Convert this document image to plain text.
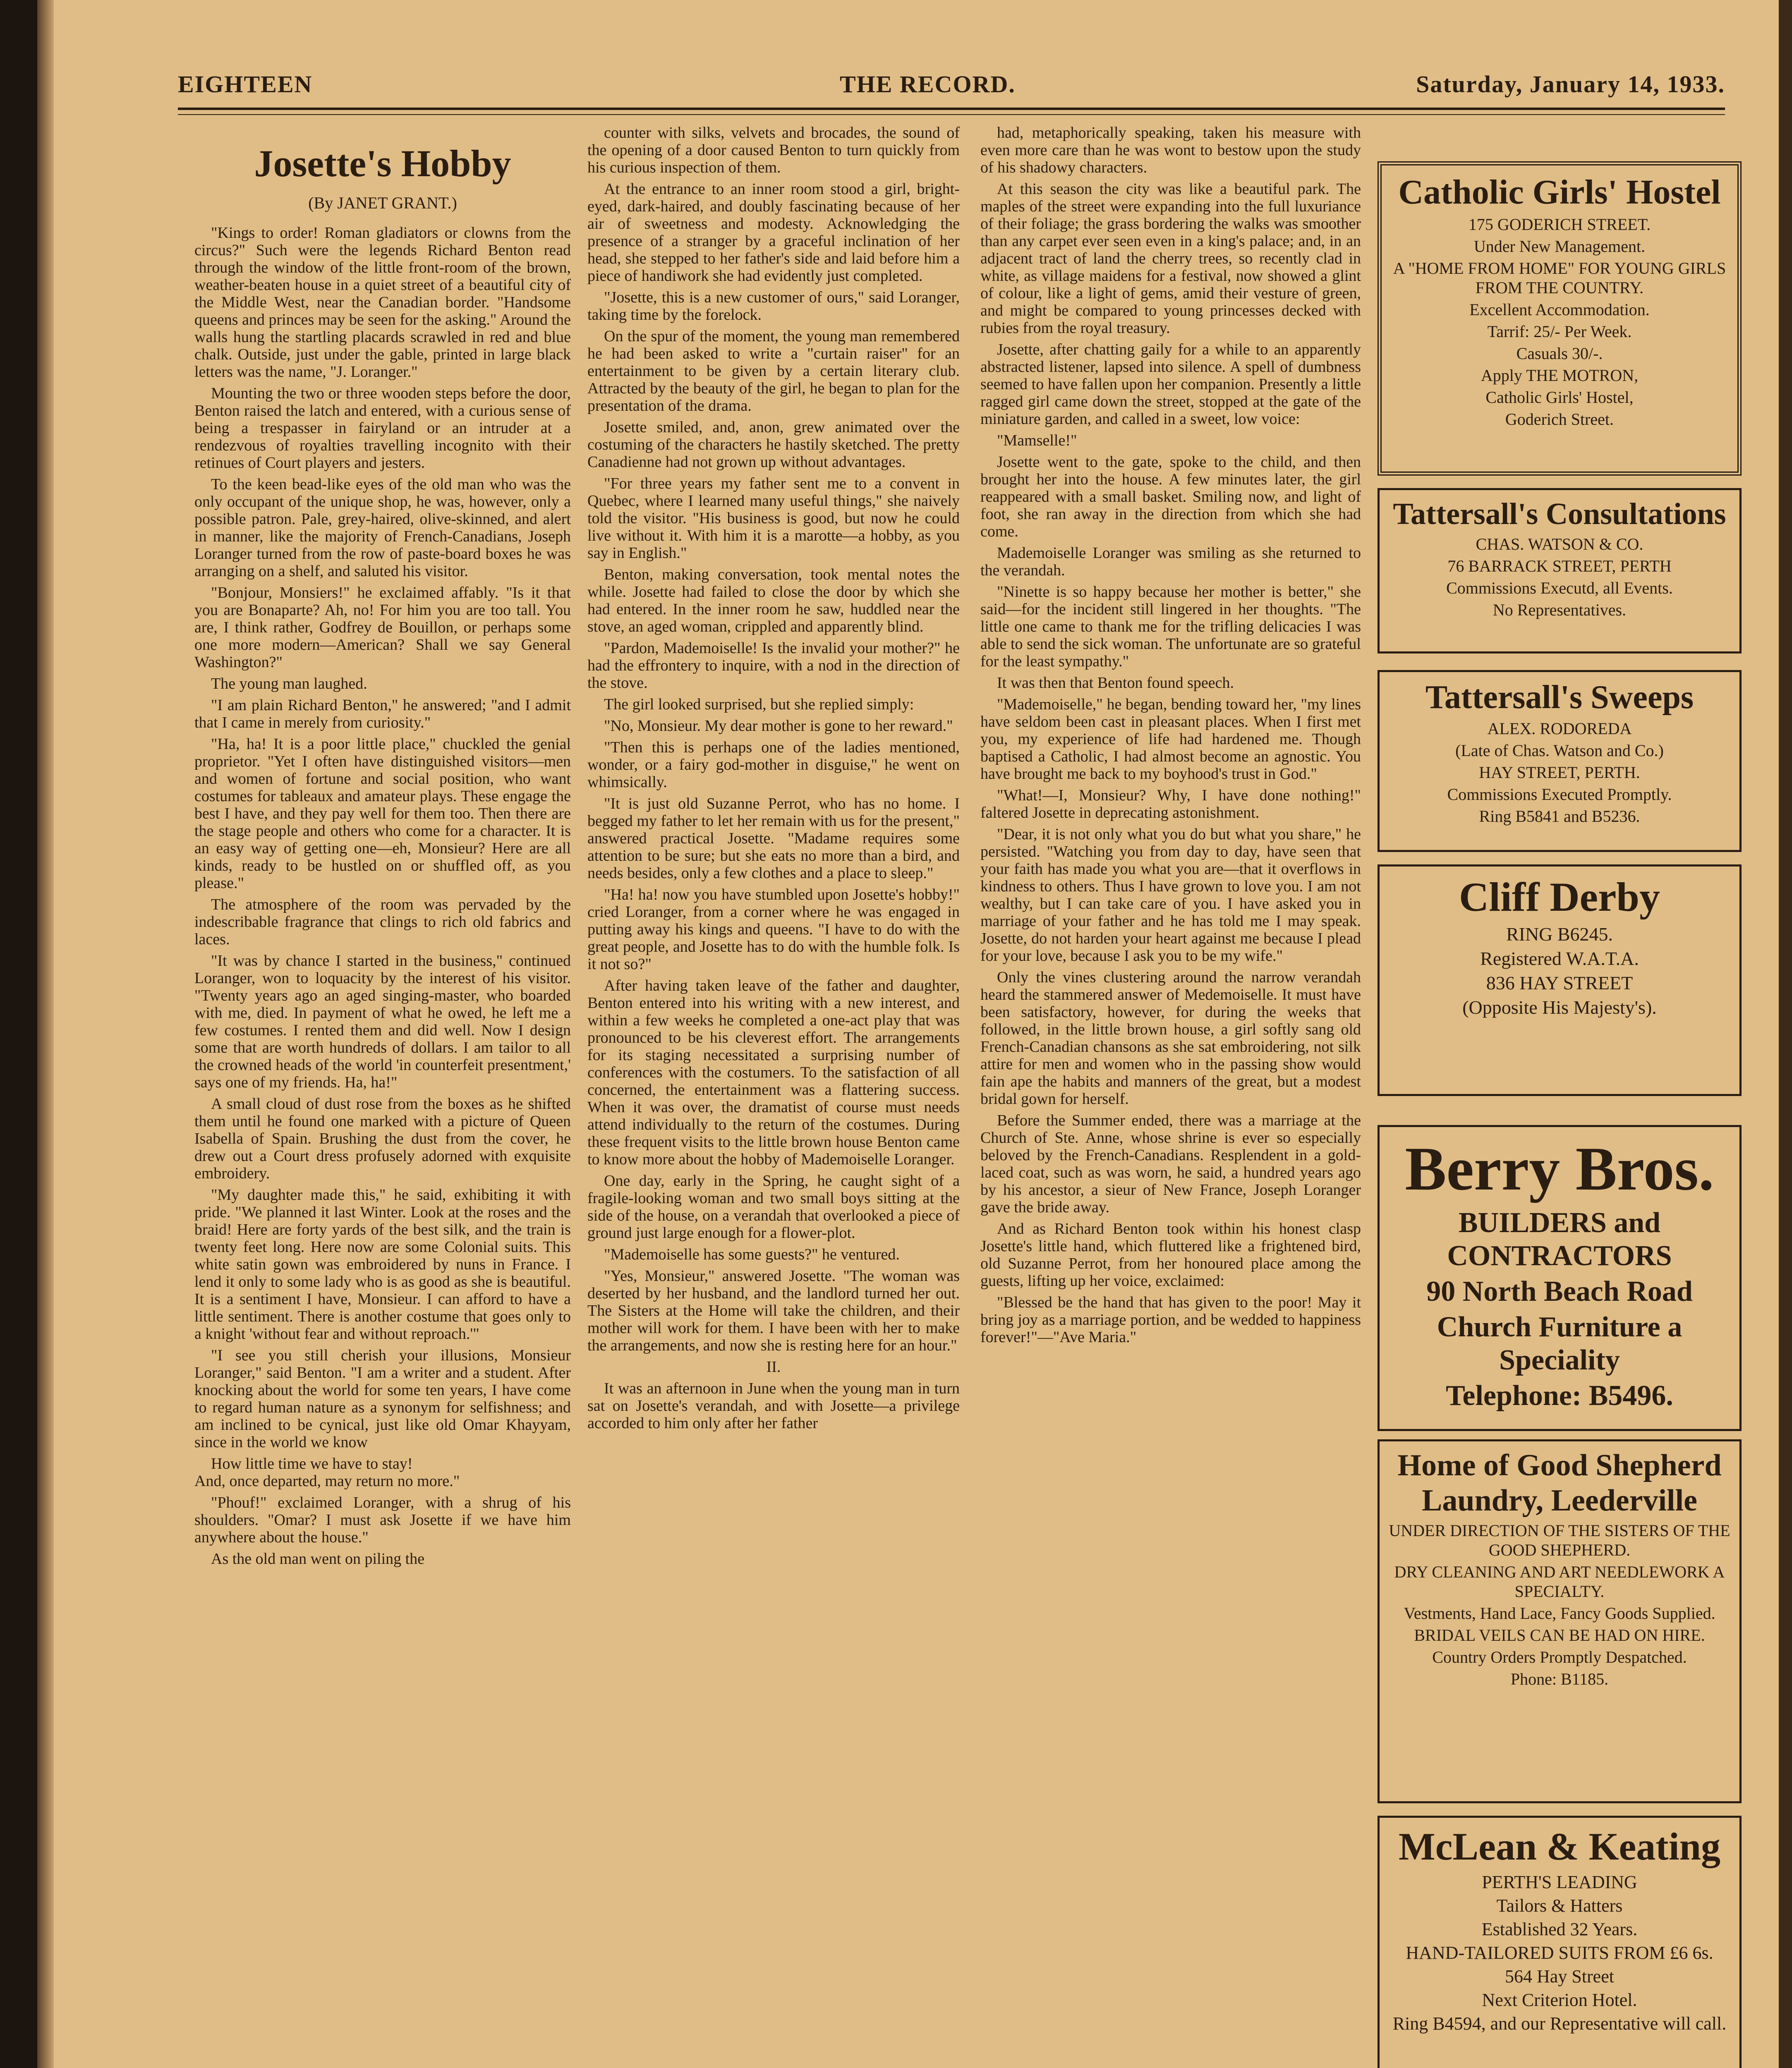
EIGHTEEN	THE RECORD.	Saturday, January 14, 1933.
Josette's Hobby
(By JANET GRANT.)

"Kings to order! Roman gladiators or clowns from the circus?" Such were the legends Richard Benton read through the window of the little front-room of the brown, weather-beaten house in a quiet street of a beautiful city of the Middle West, near the Canadian border. "Handsome queens and princes may be seen for the asking." Around the walls hung the startling placards scrawled in red and blue chalk. Outside, just under the gable, printed in large black letters was the name, "J. Loranger."

Mounting the two or three wooden steps before the door, Benton raised the latch and entered, with a curious sense of being a trespasser in fairyland or an intruder at a rendezvous of royalties travelling incognito with their retinues of Court players and jesters.

To the keen bead-like eyes of the old man who was the only occupant of the unique shop, he was, however, only a possible patron. Pale, grey-haired, olive-skinned, and alert in manner, like the majority of French-Canadians, Joseph Loranger turned from the row of paste-board boxes he was arranging on a shelf, and saluted his visitor.

"Bonjour, Monsiers!" he exclaimed affably. "Is it that you are Bonaparte? Ah, no! For him you are too tall. You are, I think rather, Godfrey de Bouillon, or perhaps some one more modern—American? Shall we say General Washington?"

The young man laughed.

"I am plain Richard Benton," he answered; "and I admit that I came in merely from curiosity."

"Ha, ha! It is a poor little place," chuckled the genial proprietor. "Yet I often have distinguished visitors—men and women of fortune and social position, who want costumes for tableaux and amateur plays. These engage the best I have, and they pay well for them too. Then there are the stage people and others who come for a character. It is an easy way of getting one—eh, Monsieur? Here are all kinds, ready to be hustled on or shuffled off, as you please."

The atmosphere of the room was pervaded by the indescribable fragrance that clings to rich old fabrics and laces.

"It was by chance I started in the business," continued Loranger, won to loquacity by the interest of his visitor. "Twenty years ago an aged singing-master, who boarded with me, died. In payment of what he owed, he left me a few costumes. I rented them and did well. Now I design some that are worth hundreds of dollars. I am tailor to all the crowned heads of the world 'in counterfeit presentment,' says one of my friends. Ha, ha!"

A small cloud of dust rose from the boxes as he shifted them until he found one marked with a picture of Queen Isabella of Spain. Brushing the dust from the cover, he drew out a Court dress profusely adorned with exquisite embroidery.

"My daughter made this," he said, exhibiting it with pride. "We planned it last Winter. Look at the roses and the braid! Here are forty yards of the best silk, and the train is twenty feet long. Here now are some Colonial suits. This white satin gown was embroidered by nuns in France. I lend it only to some lady who is as good as she is beautiful. It is a sentiment I have, Monsieur. I can afford to have a little sentiment. There is another costume that goes only to a knight 'without fear and without reproach.'"

"I see you still cherish your illusions, Monsieur Loranger," said Benton. "I am a writer and a student. After knocking about the world for some ten years, I have come to regard human nature as a synonym for selfishness; and am inclined to be cynical, just like old Omar Khayyam, since in the world we know

How little time we have to stay!
And, once departed, may return no more."

"Phouf!" exclaimed Loranger, with a shrug of his shoulders. "Omar? I must ask Josette if we have him anywhere about the house."

As the old man went on piling the

counter with silks, velvets and brocades, the sound of the opening of a door caused Benton to turn quickly from his curious inspection of them.

At the entrance to an inner room stood a girl, bright-eyed, dark-haired, and doubly fascinating because of her air of sweetness and modesty. Acknowledging the presence of a stranger by a graceful inclination of her head, she stepped to her father's side and laid before him a piece of handiwork she had evidently just completed.

"Josette, this is a new customer of ours," said Loranger, taking time by the forelock.

On the spur of the moment, the young man remembered he had been asked to write a "curtain raiser" for an entertainment to be given by a certain literary club. Attracted by the beauty of the girl, he began to plan for the presentation of the drama.

Josette smiled, and, anon, grew animated over the costuming of the characters he hastily sketched. The pretty Canadienne had not grown up without advantages.

"For three years my father sent me to a convent in Quebec, where I learned many useful things," she naively told the visitor. "His business is good, but now he could live without it. With him it is a marotte—a hobby, as you say in English."

Benton, making conversation, took mental notes the while. Josette had failed to close the door by which she had entered. In the inner room he saw, huddled near the stove, an aged woman, crippled and apparently blind.

"Pardon, Mademoiselle! Is the invalid your mother?" he had the effrontery to inquire, with a nod in the direction of the stove.

The girl looked surprised, but she replied simply:

"No, Monsieur. My dear mother is gone to her reward."

"Then this is perhaps one of the ladies mentioned, wonder, or a fairy god-mother in disguise," he went on whimsically.

"It is just old Suzanne Perrot, who has no home. I begged my father to let her remain with us for the present," answered practical Josette. "Madame requires some attention to be sure; but she eats no more than a bird, and needs besides, only a few clothes and a place to sleep."

"Ha! ha! now you have stumbled upon Josette's hobby!" cried Loranger, from a corner where he was engaged in putting away his kings and queens. "I have to do with the great people, and Josette has to do with the humble folk. Is it not so?"

After having taken leave of the father and daughter, Benton entered into his writing with a new interest, and within a few weeks he completed a one-act play that was pronounced to be his cleverest effort. The arrangements for its staging necessitated a surprising number of conferences with the costumers. To the satisfaction of all concerned, the entertainment was a flattering success. When it was over, the dramatist of course must needs attend individually to the return of the costumes. During these frequent visits to the little brown house Benton came to know more about the hobby of Mademoiselle Loranger.

One day, early in the Spring, he caught sight of a fragile-looking woman and two small boys sitting at the side of the house, on a verandah that overlooked a piece of ground just large enough for a flower-plot.

"Mademoiselle has some guests?" he ventured.

"Yes, Monsieur," answered Josette. "The woman was deserted by her husband, and the landlord turned her out. The Sisters at the Home will take the children, and their mother will work for them. I have been with her to make the arrangements, and now she is resting here for an hour."

II.

It was an afternoon in June when the young man in turn sat on Josette's verandah, and with Josette—a privilege accorded to him only after her father

had, metaphorically speaking, taken his measure with even more care than he was wont to bestow upon the study of his shadowy characters.

At this season the city was like a beautiful park. The maples of the street were expanding into the full luxuriance of their foliage; the grass bordering the walks was smoother than any carpet ever seen even in a king's palace; and, in an adjacent tract of land the cherry trees, so recently clad in white, as village maidens for a festival, now showed a glint of colour, like a light of gems, amid their vesture of green, and might be compared to young princesses decked with rubies from the royal treasury.

Josette, after chatting gaily for a while to an apparently abstracted listener, lapsed into silence. A spell of dumbness seemed to have fallen upon her companion. Presently a little ragged girl came down the street, stopped at the gate of the miniature garden, and called in a sweet, low voice:

"Mamselle!"

Josette went to the gate, spoke to the child, and then brought her into the house. A few minutes later, the girl reappeared with a small basket. Smiling now, and light of foot, she ran away in the direction from which she had come.

Mademoiselle Loranger was smiling as she returned to the verandah.

"Ninette is so happy because her mother is better," she said—for the incident still lingered in her thoughts. "The little one came to thank me for the trifling delicacies I was able to send the sick woman. The unfortunate are so grateful for the least sympathy."

It was then that Benton found speech.

"Mademoiselle," he began, bending toward her, "my lines have seldom been cast in pleasant places. When I first met you, my experience of life had hardened me. Though baptised a Catholic, I had almost become an agnostic. You have brought me back to my boyhood's trust in God."

"What!—I, Monsieur? Why, I have done nothing!" faltered Josette in deprecating astonishment.

"Dear, it is not only what you do but what you share," he persisted. "Watching you from day to day, have seen that your faith has made you what you are—that it overflows in kindness to others. Thus I have grown to love you. I am not wealthy, but I can take care of you. I have asked you in marriage of your father and he has told me I may speak. Josette, do not harden your heart against me because I plead for your love, because I ask you to be my wife."

Only the vines clustering around the narrow verandah heard the stammered answer of Medemoiselle. It must have been satisfactory, however, for during the weeks that followed, in the little brown house, a girl softly sang old French-Canadian chansons as she sat embroidering, not silk attire for men and women who in the passing show would fain ape the habits and manners of the great, but a modest bridal gown for herself.

Before the Summer ended, there was a marriage at the Church of Ste. Anne, whose shrine is ever so especially beloved by the French-Canadians. Resplendent in a gold-laced coat, such as was worn, he said, a hundred years ago by his ancestor, a sieur of New France, Joseph Loranger gave the bride away.

And as Richard Benton took within his honest clasp Josette's little hand, which fluttered like a frightened bird, old Suzanne Perrot, from her honoured place among the guests, lifting up her voice, exclaimed:

"Blessed be the hand that has given to the poor! May it bring joy as a marriage portion, and be wedded to happiness forever!"—"Ave Maria."

Catholic Girls' Hostel
175 GODERICH STREET.
Under New Management.
A "HOME FROM HOME" FOR YOUNG GIRLS FROM THE COUNTRY.
Excellent Accommodation.
Tarrif: 25/- Per Week.
Casuals 30/-.
Apply THE MOTRON,
Catholic Girls' Hostel,
Goderich Street.
Tattersall's Consultations
CHAS. WATSON & CO.
76 BARRACK STREET, PERTH
Commissions Executd, all Events.
No Representatives.
Tattersall's Sweeps
ALEX. RODOREDA
(Late of Chas. Watson and Co.)
HAY STREET, PERTH.
Commissions Executed Promptly.
Ring B5841 and B5236.
Cliff Derby
RING B6245.
Registered W.A.T.A.
836 HAY STREET
(Opposite His Majesty's).
Berry Bros.
BUILDERS and CONTRACTORS
90 North Beach Road
Church Furniture a Speciality
Telephone: B5496.
Home of Good Shepherd Laundry, Leederville
UNDER DIRECTION OF THE SISTERS OF THE GOOD SHEPHERD.
DRY CLEANING AND ART NEEDLEWORK A SPECIALTY.
Vestments, Hand Lace, Fancy Goods Supplied.
BRIDAL VEILS CAN BE HAD ON HIRE.
Country Orders Promptly Despatched.
Phone: B1185.
McLean & Keating
PERTH'S LEADING
Tailors & Hatters
Established 32 Years.
HAND-TAILORED SUITS FROM £6 6s.
564 Hay Street
Next Criterion Hotel.
Ring B4594, and our Representative will call.
